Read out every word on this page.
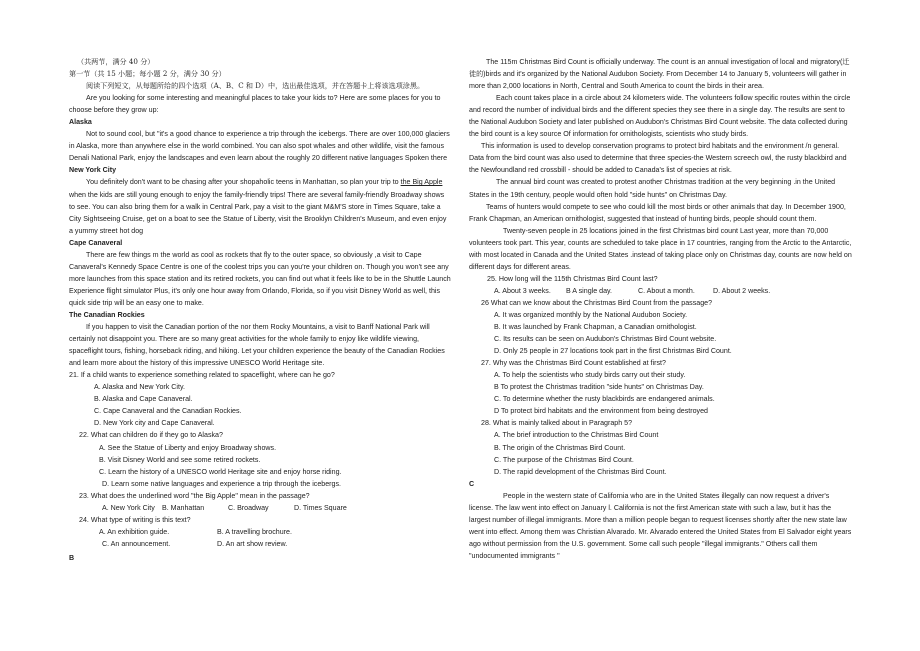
（共两节，满分 40 分）

第一节（共 15 小题；每小题 2 分，满分 30 分）

阅读下列短文，从每题所给的四个选项（A、B、C 和 D）中，选出最佳选项，并在答题卡上将该选项涂黑。

Are you looking for some interesting and meaningful places to take your kids to? Here are some places for you to choose before they grow up:

Alaska

Not to sound cool, but "it's a good chance to experience a trip through the icebergs. There are over 100,000 glaciers in Alaska, more than anywhere else in the world combined. You can also spot whales and other wildlife, visit the famous Denali National Park, enjoy the landscapes and even learn about the roughly 20 different native languages Spoken there

New York City

You definitely don't want to be chasing after your shopaholic teens in Manhattan, so plan your trip to the Big Apple when the kids are still young enough to enjoy the family-friendly trips! There are several family-friendly Broadway shows to see. You can also bring them for a walk in Central Park, pay a visit to the giant M&M'S store in Times Square, take a City Sightseeing Cruise, get on a boat to see the Statue of Liberty, visit the Brooklyn Children's Museum, and even enjoy a yummy street hot dog

Cape Canaveral

There are few things m the world as cool as rockets that fly to the outer space, so obviously ,a visit to Cape Canaveral's Kennedy Space Centre is one of the coolest trips you can you're your children on. Though you won't see any more launches from this space station and its retired rockets, you can find out what it feels like to be in the Shuttle Launch Experience flight simulator Plus, it's only one hour away from Orlando, Florida, so if you visit Disney World as well, this quick side trip will be an easy one to make.

The Canadian Rockies

If you happen to visit the Canadian portion of the nor them Rocky Mountains, a visit to Banff National Park will certainly not disappoint you. There are so many great activities for the whole family to enjoy like wildlife viewing, spaceflight tours, fishing, horseback riding, and hiking. Let your children experience the beauty of the Canadian Rockies and learn more about the history of this impressive UNESCO World Heritage site.

21. If a child wants to experience something related to spaceflight, where can he go?

A. Alaska and New York City.

B. Alaska and Cape Canaveral.

C. Cape Canaveral and the Canadian Rockies.

D. New York city and Cape Canaveral.

22. What can children do if they go to Alaska?

A. See the Statue of Liberty and enjoy Broadway shows.

B. Visit Disney World and see some retired rockets.

C. Learn the history of a UNESCO world Heritage site and enjoy horse riding.

D. Learn some native languages and experience a trip through the icebergs.

23. What does the underlined word "the Big Apple" mean in the passage?

A. New York City	B. Manhattan	C. Broadway	D. Times Square

24. What type of writing is this text?

A. An exhibition guide.	B. A travelling brochure.

C. An announcement.	D. An art show review.

B

The 115m Christmas Bird Count is officially underway. The count is an annual investigation of local and migratory(迁徙的)birds and it's organized by the National Audubon Society. From December 14 to January 5, volunteers will gather in more than 2,000 locations in North, Central and South America to count the birds in their area.

Each count takes place in a circle about 24 kilometers wide. The volunteers follow specific routes within the circle and record the number of individual birds and the different species they see there in a single day. The results are sent to the National Audubon Society and later published on Audubon's Christmas Bird Count website. The data collected during the bird count is a key source Of information for ornithologists, scientists who study birds.

This information is used to develop conservation programs to protect bird habitats and the environment /n general. Data from the bird count was also used to determine that three species-the Western screech owl, the rusty blackbird and the Newfoundland red crossbill - should be added to Canada's list of species at risk.

The annual bird count was created to protest another Christmas tradition at the very beginning .in the United States in the 19th century, people would often hold "side hunts" on Christmas Day.

Teams of hunters would compete to see who could kill the most birds or other animals that day. In December 1900, Frank Chapman, an American ornithologist, suggested that instead of hunting birds, people should count them.

Twenty-seven people in 25 locations joined in the first Christmas bird count Last year, more than 70,000 volunteers took part. This year, counts are scheduled to take place in 17 countries, ranging from the Arctic to the Antarctic, with most located in Canada and the United States .instead of taking place only on Christmas day, counts are now held on different days for different areas.

25. How long will the 115th Christmas Bird Count last?

A. About 3 weeks.	B A single day.	C. About a month.	D. About 2 weeks.

26 What can we know about the Christmas Bird Count from the passage?

A. It was organized monthly by the National Audubon Society.

B. It was launched by Frank Chapman, a Canadian ornithologist.

C. Its results can be seen on Audubon's Christmas Bird Count website.

D. Only 25 people in 27 locations took part in the first Christmas Bird Count.

27. Why was the Christmas Bird Count established at first?

A. To help the scientists who study birds carry out their study.

B To protest the Christmas tradition "side hunts" on Christmas Day.

C. To determine whether the rusty blackbirds are endangered animals.

D To protect bird habitats and the environment from being destroyed

28. What is mainly talked about in Paragraph 5?

A. The brief introduction to the Christmas Bird Count

B. The origin of the Christmas Bird Count.

C. The purpose of the Christmas Bird Count.

D. The rapid development of the Christmas Bird Count.

C

People in the western state of California who are in the United States illegally can now request a driver's license. The law went into effect on January l. California is not the first American state with such a law, but it has the largest number of illegal immigrants. More than a million people began to request licenses shortly after the new state law went into effect. Among them was Christian Alvarado. Mr. Alvarado entered the United States from El Salvador eight years ago without permission from the U.S. government. Some call such people "illegal immigrants." Others call them "undocumented immigrants "
